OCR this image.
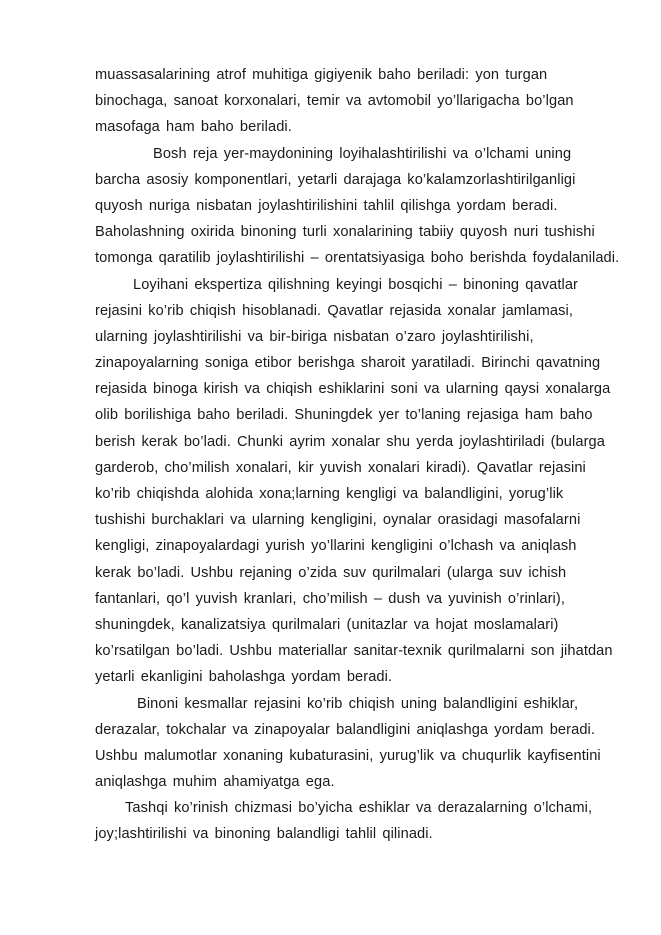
muassasalarining atrof muhitiga gigiyenik baho beriladi: yon turgan
binochaga, sanoat korxonalari, temir va avtomobil yo’llarigacha bo’lgan
masofaga ham baho beriladi.
Bosh reja yer-maydonining loyihalashtirilishi va o’lchami uning
barcha asosiy komponentlari, yetarli darajaga ko’kalamzorlashtirilganligi
quyosh nuriga nisbatan joylashtirilishini tahlil qilishga yordam beradi.
Baholashning oxirida binoning turli xonalarining tabiiy quyosh nuri tushishi
tomonga qaratilib joylashtirilishi – orentatsiyasiga boho berishda foydalaniladi.
Loyihani ekspertiza qilishning keyingi bosqichi – binoning qavatlar
rejasini ko’rib chiqish hisoblanadi. Qavatlar rejasida xonalar jamlamasi,
ularning joylashtirilishi va bir-biriga nisbatan o’zaro joylashtirilishi,
zinapoyalarning soniga etibor berishga sharoit yaratiladi. Birinchi qavatning
rejasida binoga kirish va chiqish eshiklarini soni va ularning qaysi xonalarga
olib borilishiga baho beriladi. Shuningdek yer to’laning rejasiga ham baho
berish kerak bo’ladi. Chunki ayrim xonalar shu yerda joylashtiriladi (bularga
garderob, cho’milish xonalari, kir yuvish xonalari kiradi). Qavatlar rejasini
ko’rib chiqishda alohida xona;larning kengligi va balandligini, yorug’lik
tushishi burchaklari va ularning kengligini, oynalar orasidagi masofalarni
kengligi, zinapoyalardagi yurish yo’llarini kengligini o’lchash va aniqlash
kerak bo’ladi. Ushbu rejaning o’zida suv qurilmalari (ularga suv ichish
fantanlari, qo’l yuvish kranlari, cho’milish – dush va yuvinish o’rinlari),
shuningdek, kanalizatsiya qurilmalari (unitazlar va hojat moslamalari)
ko’rsatilgan bo’ladi. Ushbu materiallar sanitar-texnik qurilmalarni son jihatdan
yetarli ekanligini baholashga yordam beradi.
Binoni kesmallar rejasini ko’rib chiqish uning balandligini eshiklar,
derazalar, tokchalar va zinapoyalar balandligini aniqlashga yordam beradi.
Ushbu malumotlar xonaning kubaturasini, yurug’lik va chuqurlik kayfisentini
aniqlashga muhim ahamiyatga ega.
Tashqi ko’rinish chizmasi bo’yicha eshiklar va derazalarning o’lchami,
joy;lashtirilishi va binoning balandligi tahlil qilinadi.
